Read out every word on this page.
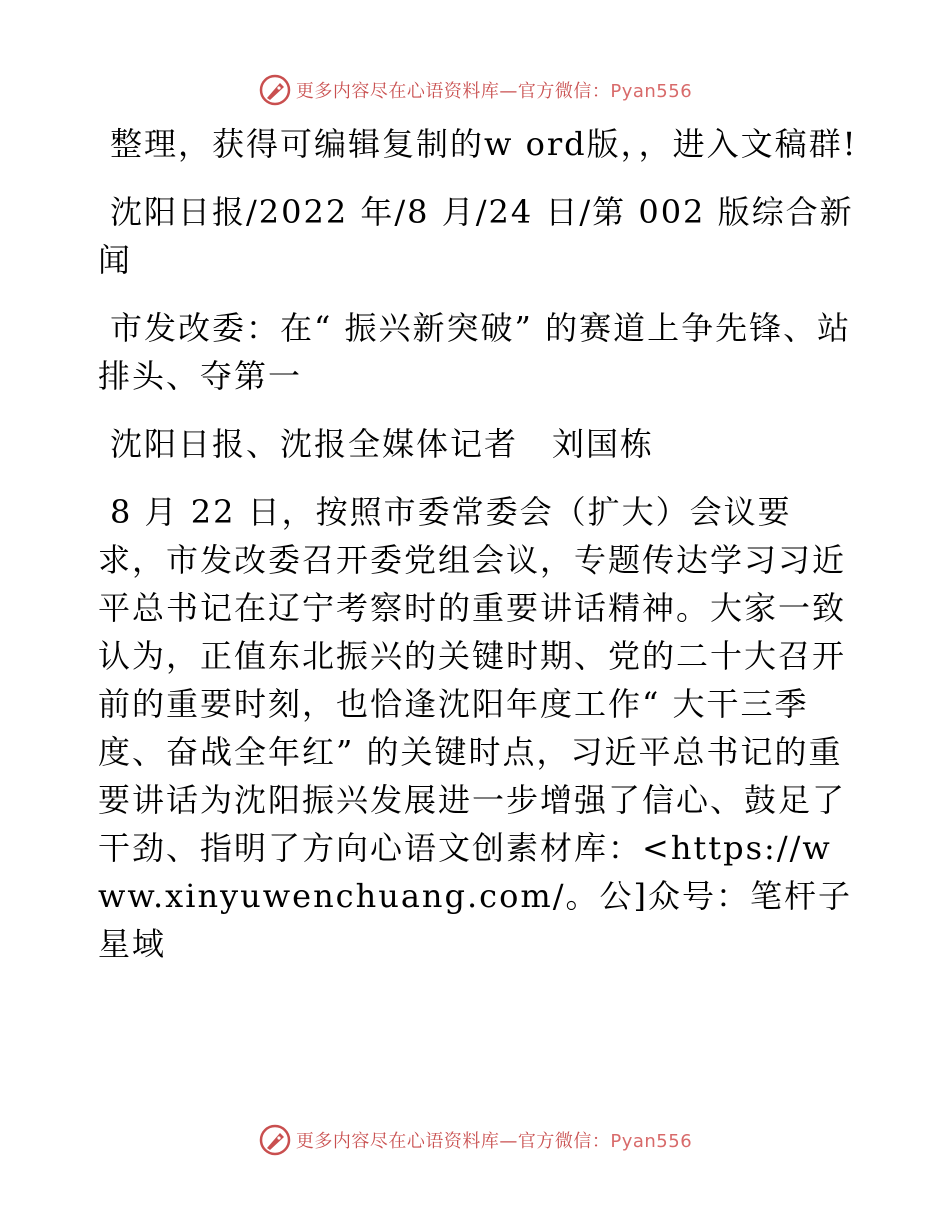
更多内容尽在心语资料库—官方微信：Pyan556

整理，获得可编辑复制的w ord版，，进入文稿群!

沈阳日报/2022 年/8 月/24 日/第 002 版综合新闻

市发改委：在“ 振兴新突破” 的赛道上争先锋、站排头、夺第一

沈阳日报、沈报全媒体记者　刘国栋

8 月 22 日，按照市委常委会（扩大）会议要求，市发改委召开委党组会议，专题传达学习习近平总书记在辽宁考察时的重要讲话精神。大家一致认为，正值东北振兴的关键时期、党的二十大召开前的重要时刻，也恰逢沈阳年度工作“ 大干三季度、奋战全年红” 的关键时点，习近平总书记的重要讲话为沈阳振兴发展进一步增强了信心、鼓足了干劲、指明了方向心语文创素材库：<https://www.xinyuwenchuang.com/。公]众号：笔杆子星域

更多内容尽在心语资料库—官方微信：Pyan556
